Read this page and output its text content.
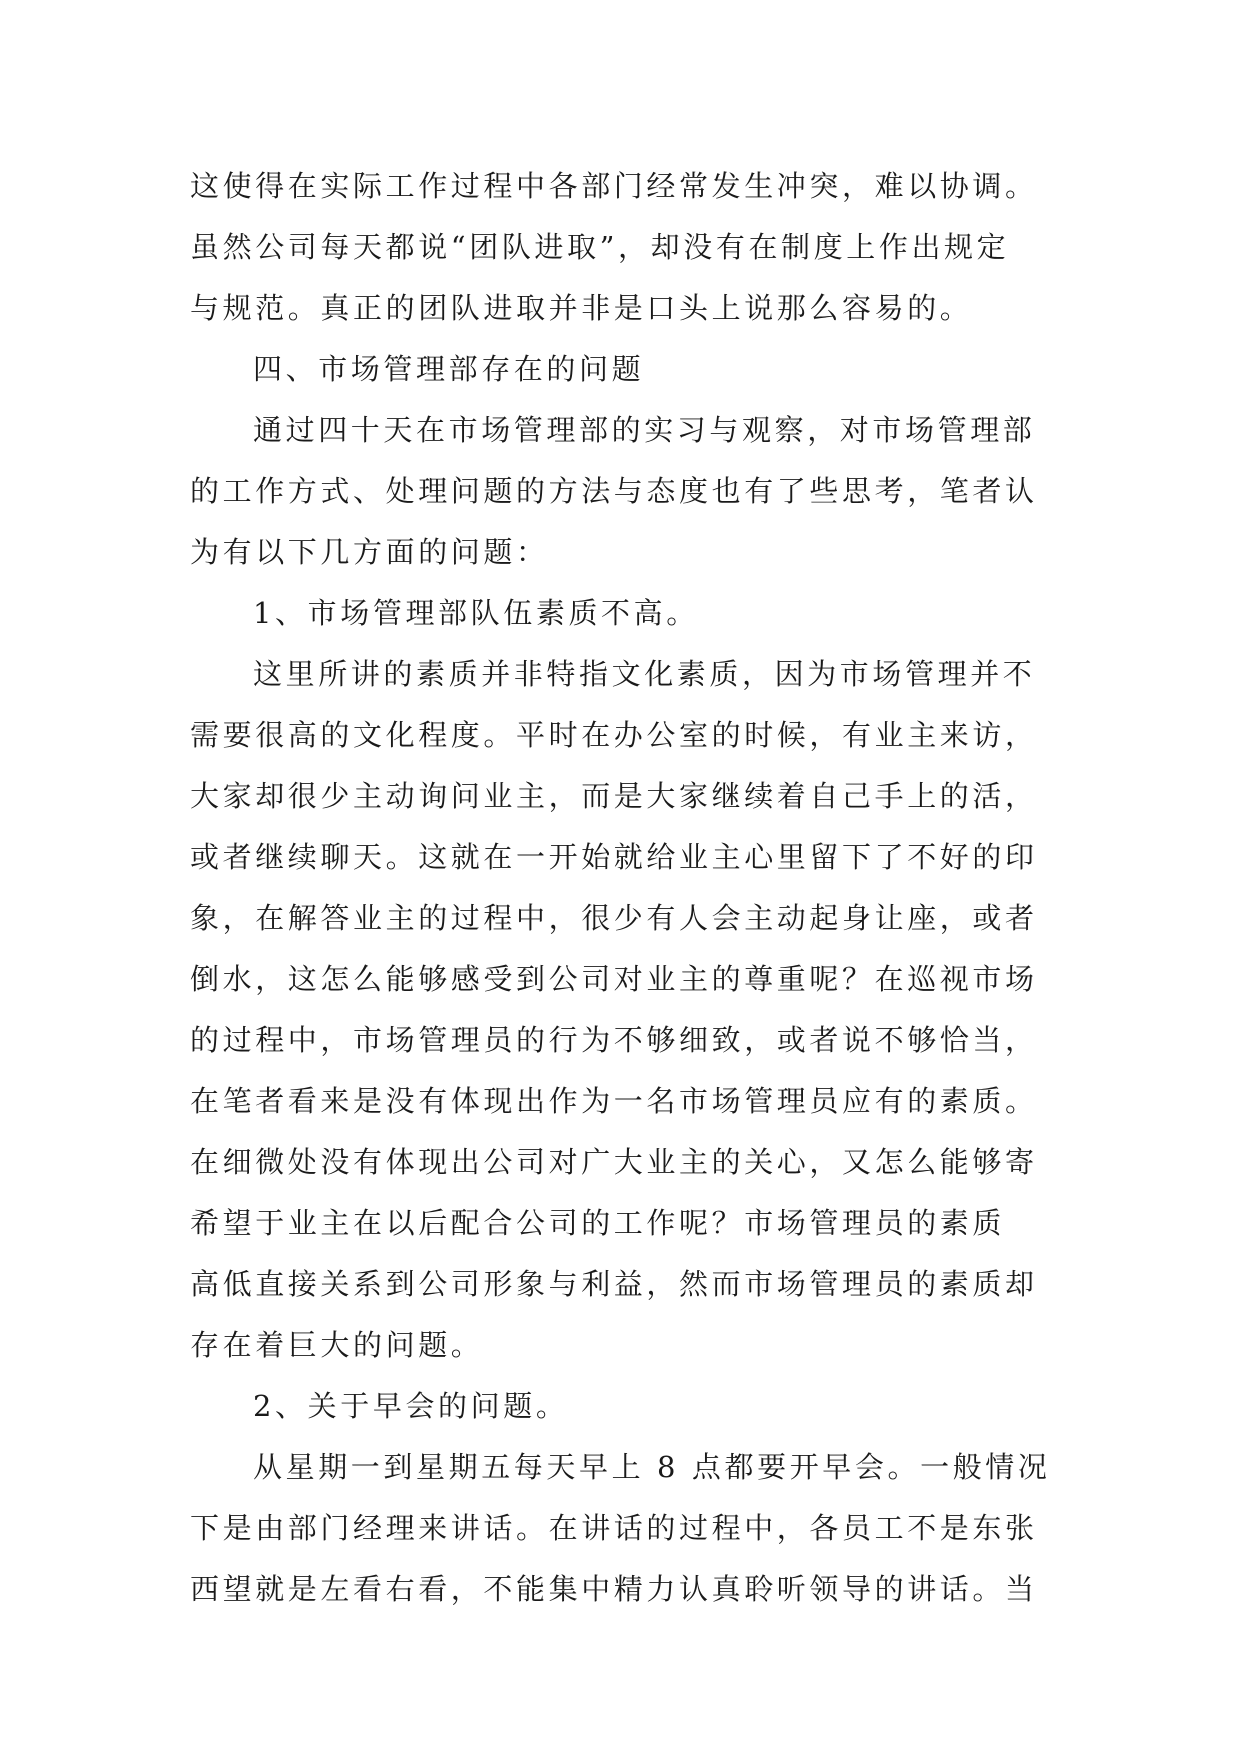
这使得在实际工作过程中各部门经常发生冲突，难以协调。
虽然公司每天都说“团队进取”，却没有在制度上作出规定
与规范。真正的团队进取并非是口头上说那么容易的。
四、市场管理部存在的问题
通过四十天在市场管理部的实习与观察，对市场管理部
的工作方式、处理问题的方法与态度也有了些思考，笔者认
为有以下几方面的问题：
1、市场管理部队伍素质不高。
这里所讲的素质并非特指文化素质，因为市场管理并不
需要很高的文化程度。平时在办公室的时候，有业主来访，
大家却很少主动询问业主，而是大家继续着自己手上的活，
或者继续聊天。这就在一开始就给业主心里留下了不好的印
象，在解答业主的过程中，很少有人会主动起身让座，或者
倒水，这怎么能够感受到公司对业主的尊重呢？在巡视市场
的过程中，市场管理员的行为不够细致，或者说不够恰当，
在笔者看来是没有体现出作为一名市场管理员应有的素质。
在细微处没有体现出公司对广大业主的关心，又怎么能够寄
希望于业主在以后配合公司的工作呢？市场管理员的素质
高低直接关系到公司形象与利益，然而市场管理员的素质却
存在着巨大的问题。
2、关于早会的问题。
从星期一到星期五每天早上 8 点都要开早会。一般情况
下是由部门经理来讲话。在讲话的过程中，各员工不是东张
西望就是左看右看，不能集中精力认真聆听领导的讲话。当
